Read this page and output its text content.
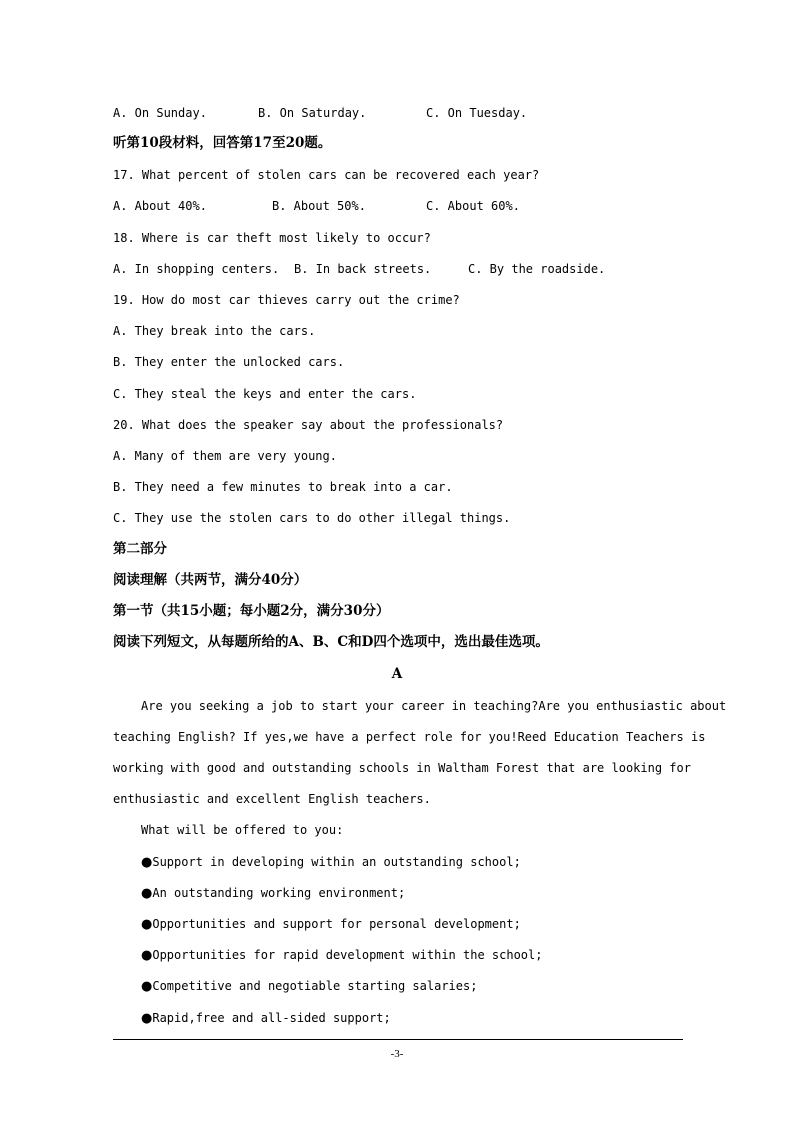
A. On Sunday.	B. On Saturday.	C. On Tuesday.
听第10段材料，回答第17至20题。
17. What percent of stolen cars can be recovered each year?
A. About 40%.	B. About 50%.	C. About 60%.
18. Where is car theft most likely to occur?
A. In shopping centers. B. In back streets.	C. By the roadside.
19. How do most car thieves carry out the crime?
A. They break into the cars.
B. They enter the unlocked cars.
C. They steal the keys and enter the cars.
20. What does the speaker say about the professionals?
A. Many of them are very young.
B. They need a few minutes to break into a car.
C. They use the stolen cars to do other illegal things.
第二部分
阅读理解（共两节，满分40分）
第一节（共15小题；每小题2分，满分30分）
阅读下列短文，从每题所给的A、B、C和D四个选项中，选出最佳选项。
A
Are you seeking a job to start your career in teaching?Are you enthusiastic about
teaching English? If yes,we have a perfect role for you!Reed Education Teachers is
working with good and outstanding schools in Waltham Forest that are looking for
enthusiastic and excellent English teachers.
What will be offered to you:
●Support in developing within an outstanding school;
●An outstanding working environment;
●Opportunities and support for personal development;
●Opportunities for rapid development within the school;
●Competitive and negotiable starting salaries;
●Rapid,free and all-sided support;
-3-
